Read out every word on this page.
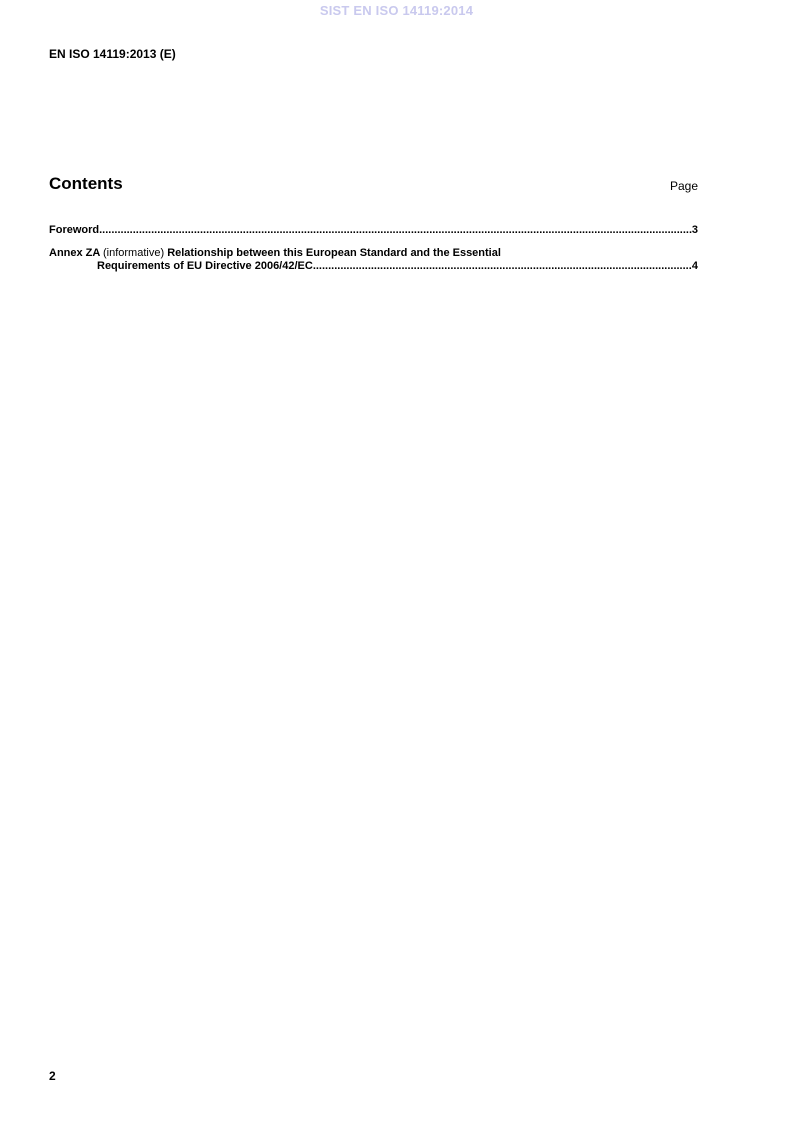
SIST EN ISO 14119:2014
EN ISO 14119:2013 (E)
Contents	Page
Foreword .....	3
Annex ZA (informative) Relationship between this European Standard and the Essential
Requirements of EU Directive 2006/42/EC .....	4
2
